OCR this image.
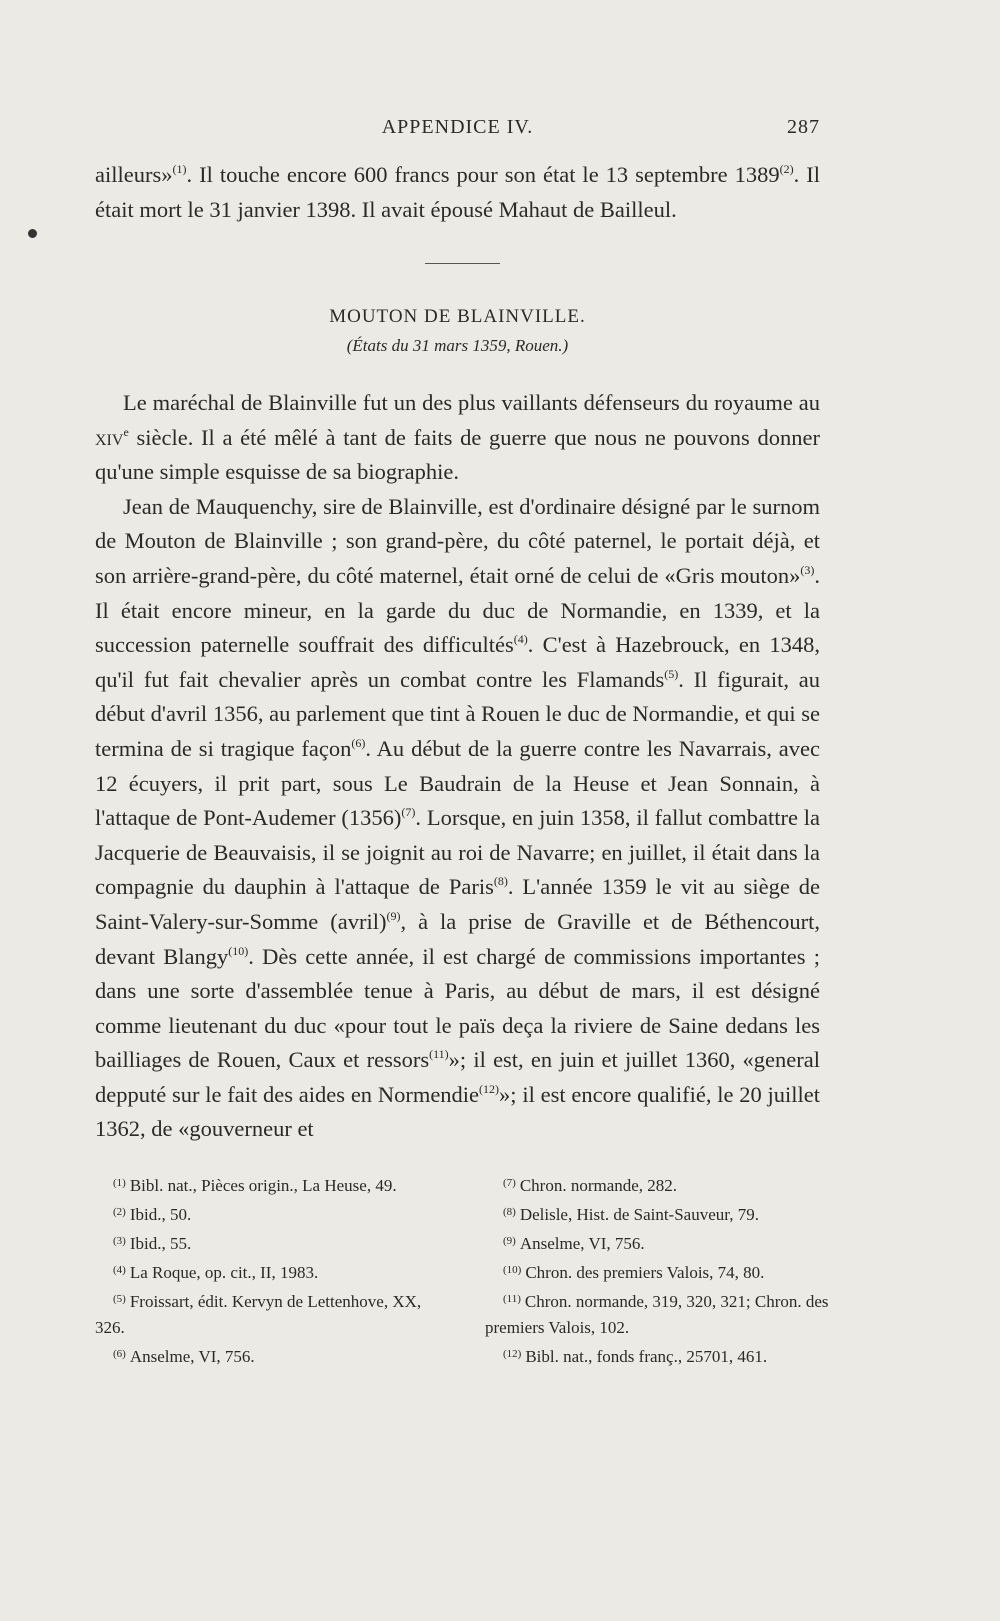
APPENDICE IV.	287

ailleurs»$^{(1)}$. Il touche encore 600 francs pour son état le 13 septembre 1389$^{(2)}$. Il était mort le 31 janvier 1398. Il avait épousé Mahaut de Bailleul.

MOUTON DE BLAINVILLE.
(États du 31 mars 1359, Rouen.)

Le maréchal de Blainville fut un des plus vaillants défenseurs du royaume au xiv$^e$ siècle. Il a été mêlé à tant de faits de guerre que nous ne pouvons donner qu'une simple esquisse de sa biographie.

Jean de Mauquenchy, sire de Blainville, est d'ordinaire désigné par le surnom de Mouton de Blainville ; son grand-père, du côté paternel, le portait déjà, et son arrière-grand-père, du côté maternel, était orné de celui de «Gris mouton»$^{(3)}$. Il était encore mineur, en la garde du duc de Normandie, en 1339, et la succession paternelle souffrait des difficultés$^{(4)}$. C'est à Hazebrouck, en 1348, qu'il fut fait chevalier après un combat contre les Flamands$^{(5)}$. Il figurait, au début d'avril 1356, au parlement que tint à Rouen le duc de Normandie, et qui se termina de si tragique façon$^{(6)}$. Au début de la guerre contre les Navarrais, avec 12 écuyers, il prit part, sous Le Baudrain de la Heuse et Jean Sonnain, à l'attaque de Pont-Audemer $(1356)^{(7)}$. Lorsque, en juin 1358, il fallut combattre la Jacquerie de Beauvaisis, il se joignit au roi de Navarre; en juillet, il était dans la compagnie du dauphin à l'attaque de Paris$^{(8)}$. L'année 1359 le vit au siège de Saint-Valery-sur-Somme (avril)$^{(9)}$, à la prise de Graville et de Béthencourt, devant Blangy$^{(10)}$. Dès cette année, il est chargé de commissions importantes ; dans une sorte d'assemblée tenue à Paris, au début de mars, il est désigné comme lieutenant du duc «pour tout le païs deça la riviere de Saine dedans les bailliages de Rouen, Caux et ressors$^{(11)}$»; il est, en juin et juillet 1360, «general depputé sur le fait des aides en Normendie$^{(12)}$»; il est encore qualifié, le 20 juillet 1362, de «gouverneur et

$^{(1)}$ Bibl. nat., Pièces origin., La Heuse, 49.

$^{(2)}$ Ibid., 50.

$^{(3)}$ Ibid., 55.

$^{(4)}$ La Roque, op. cit., II, 1983.

$^{(5)}$ Froissart, édit. Kervyn de Lettenhove, XX, 326.

$^{(6)}$ Anselme, VI, 756.

$^{(7)}$ Chron. normande, 282.

$^{(8)}$ Delisle, Hist. de Saint-Sauveur, 79.

$^{(9)}$ Anselme, VI, 756.

$^{(10)}$ Chron. des premiers Valois, 74, 80.

$^{(11)}$ Chron. normande, 319, 320, 321; Chron. des premiers Valois, 102.

$^{(12)}$ Bibl. nat., fonds franç., 25701, 461.
